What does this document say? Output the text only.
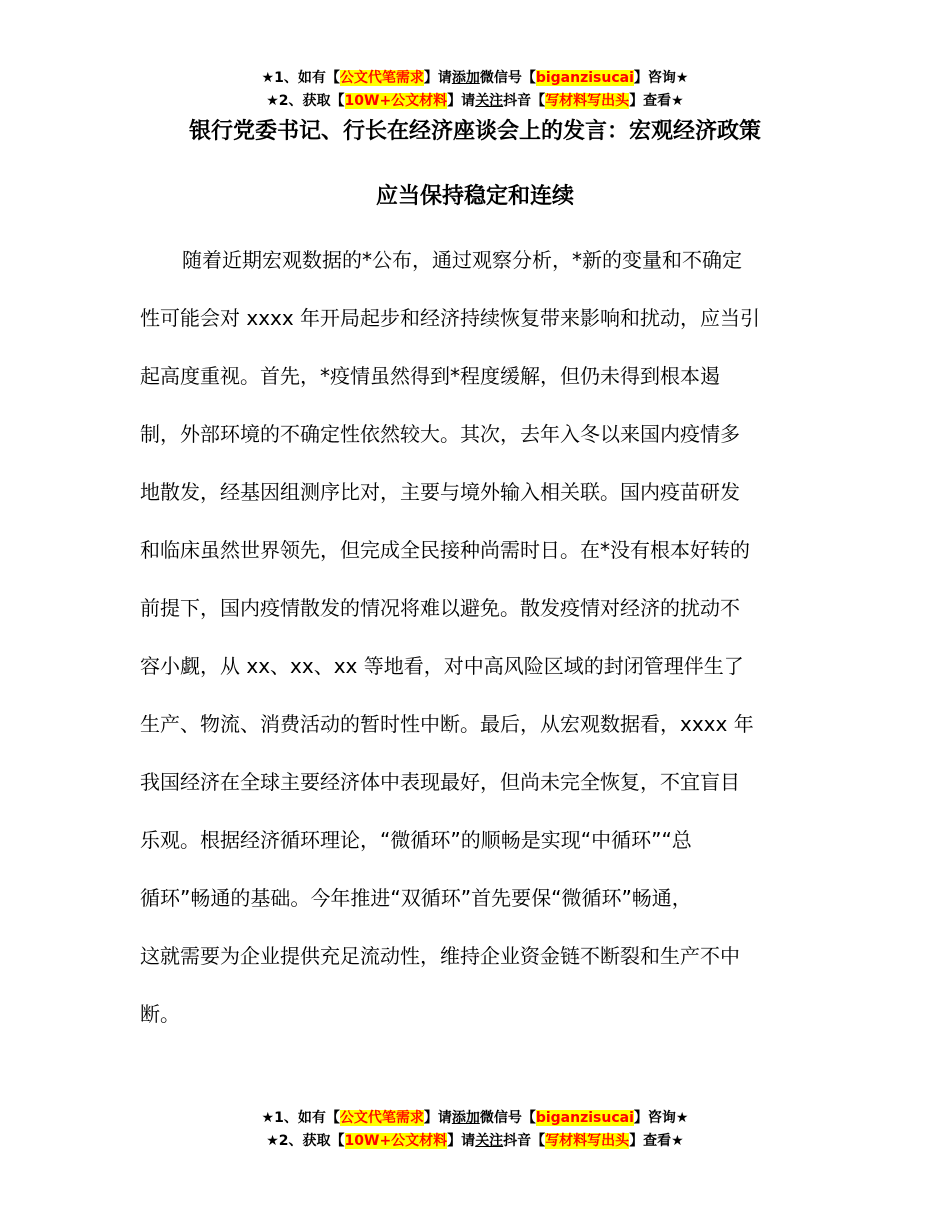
★1、如有【公文代笔需求】请添加微信号【biganzisucai】咨询★
★2、获取【10W+公文材料】请关注抖音【写材料写出头】查看★
银行党委书记、行长在经济座谈会上的发言：宏观经济政策
应当保持稳定和连续
随着近期宏观数据的*公布，通过观察分析，*新的变量和不确定
性可能会对 xxxx 年开局起步和经济持续恢复带来影响和扰动，应当引
起高度重视。首先，*疫情虽然得到*程度缓解，但仍未得到根本遏
制，外部环境的不确定性依然较大。其次，去年入冬以来国内疫情多
地散发，经基因组测序比对，主要与境外输入相关联。国内疫苗研发
和临床虽然世界领先，但完成全民接种尚需时日。在*没有根本好转的
前提下，国内疫情散发的情况将难以避免。散发疫情对经济的扰动不
容小觑，从 xx、xx、xx 等地看，对中高风险区域的封闭管理伴生了
生产、物流、消费活动的暂时性中断。最后，从宏观数据看，xxxx 年
我国经济在全球主要经济体中表现最好，但尚未完全恢复，不宜盲目
乐观。根据经济循环理论，“微循环”的顺畅是实现“中循环”“总
循环”畅通的基础。今年推进“双循环”首先要保“微循环”畅通，
这就需要为企业提供充足流动性，维持企业资金链不断裂和生产不中
断。
★1、如有【公文代笔需求】请添加微信号【biganzisucai】咨询★
★2、获取【10W+公文材料】请关注抖音【写材料写出头】查看★
